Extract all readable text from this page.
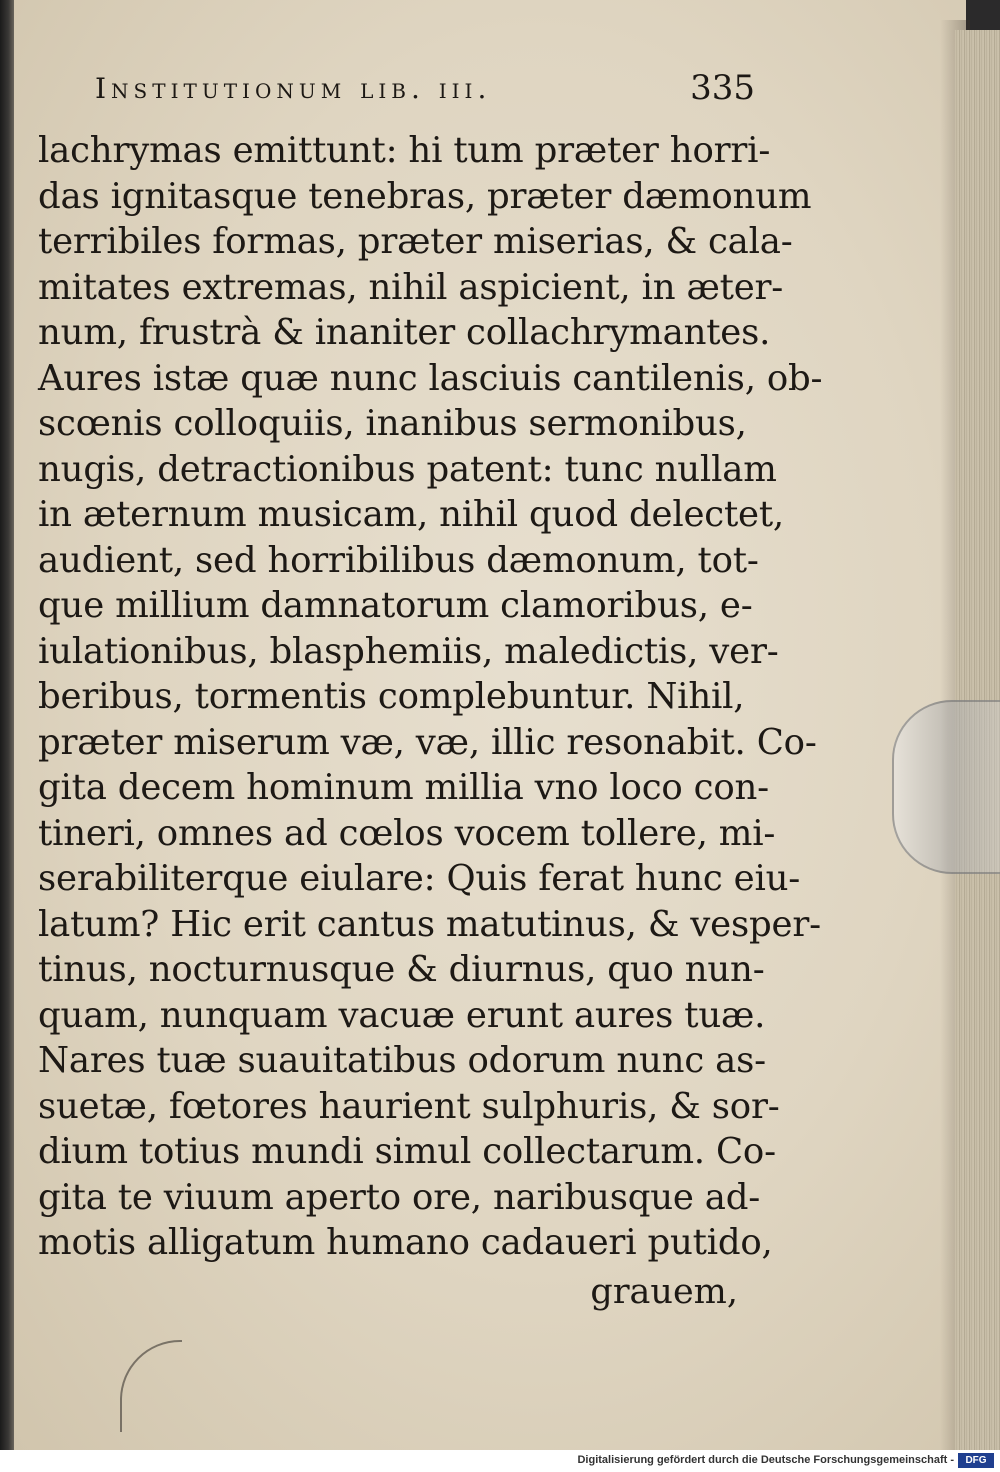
Institutionum lib. iii.	335
lachrymas emittunt: hi tum præter horri-
das ignitasque tenebras, præter dæmonum
terribiles formas, præter miserias, & cala-
mitates extremas, nihil aspicient, in æter-
num, frustrà & inaniter collachrymantes.
Aures istæ quæ nunc lasciuis cantilenis, ob-
scœnis colloquiis, inanibus sermonibus,
nugis, detractionibus patent: tunc nullam
in æternum musicam, nihil quod delectet,
audient, sed horribilibus dæmonum, tot-
que millium damnatorum clamoribus, e-
iulationibus, blasphemiis, maledictis, ver-
beribus, tormentis complebuntur. Nihil,
præter miserum væ, væ, illic resonabit. Co-
gita decem hominum millia vno loco con-
tineri, omnes ad cœlos vocem tollere, mi-
serabiliterque eiulare: Quis ferat hunc eiu-
latum? Hic erit cantus matutinus, & vesper-
tinus, nocturnusque & diurnus, quo nun-
quam, nunquam vacuæ erunt aures tuæ.
Nares tuæ suauitatibus odorum nunc as-
suetæ, fœtores haurient sulphuris, & sor-
dium totius mundi simul collectarum. Co-
gita te viuum aperto ore, naribusque ad-
motis alligatum humano cadaueri putido,
grauem,
Digitalisierung gefördert durch die Deutsche Forschungsgemeinschaft -	DFG
